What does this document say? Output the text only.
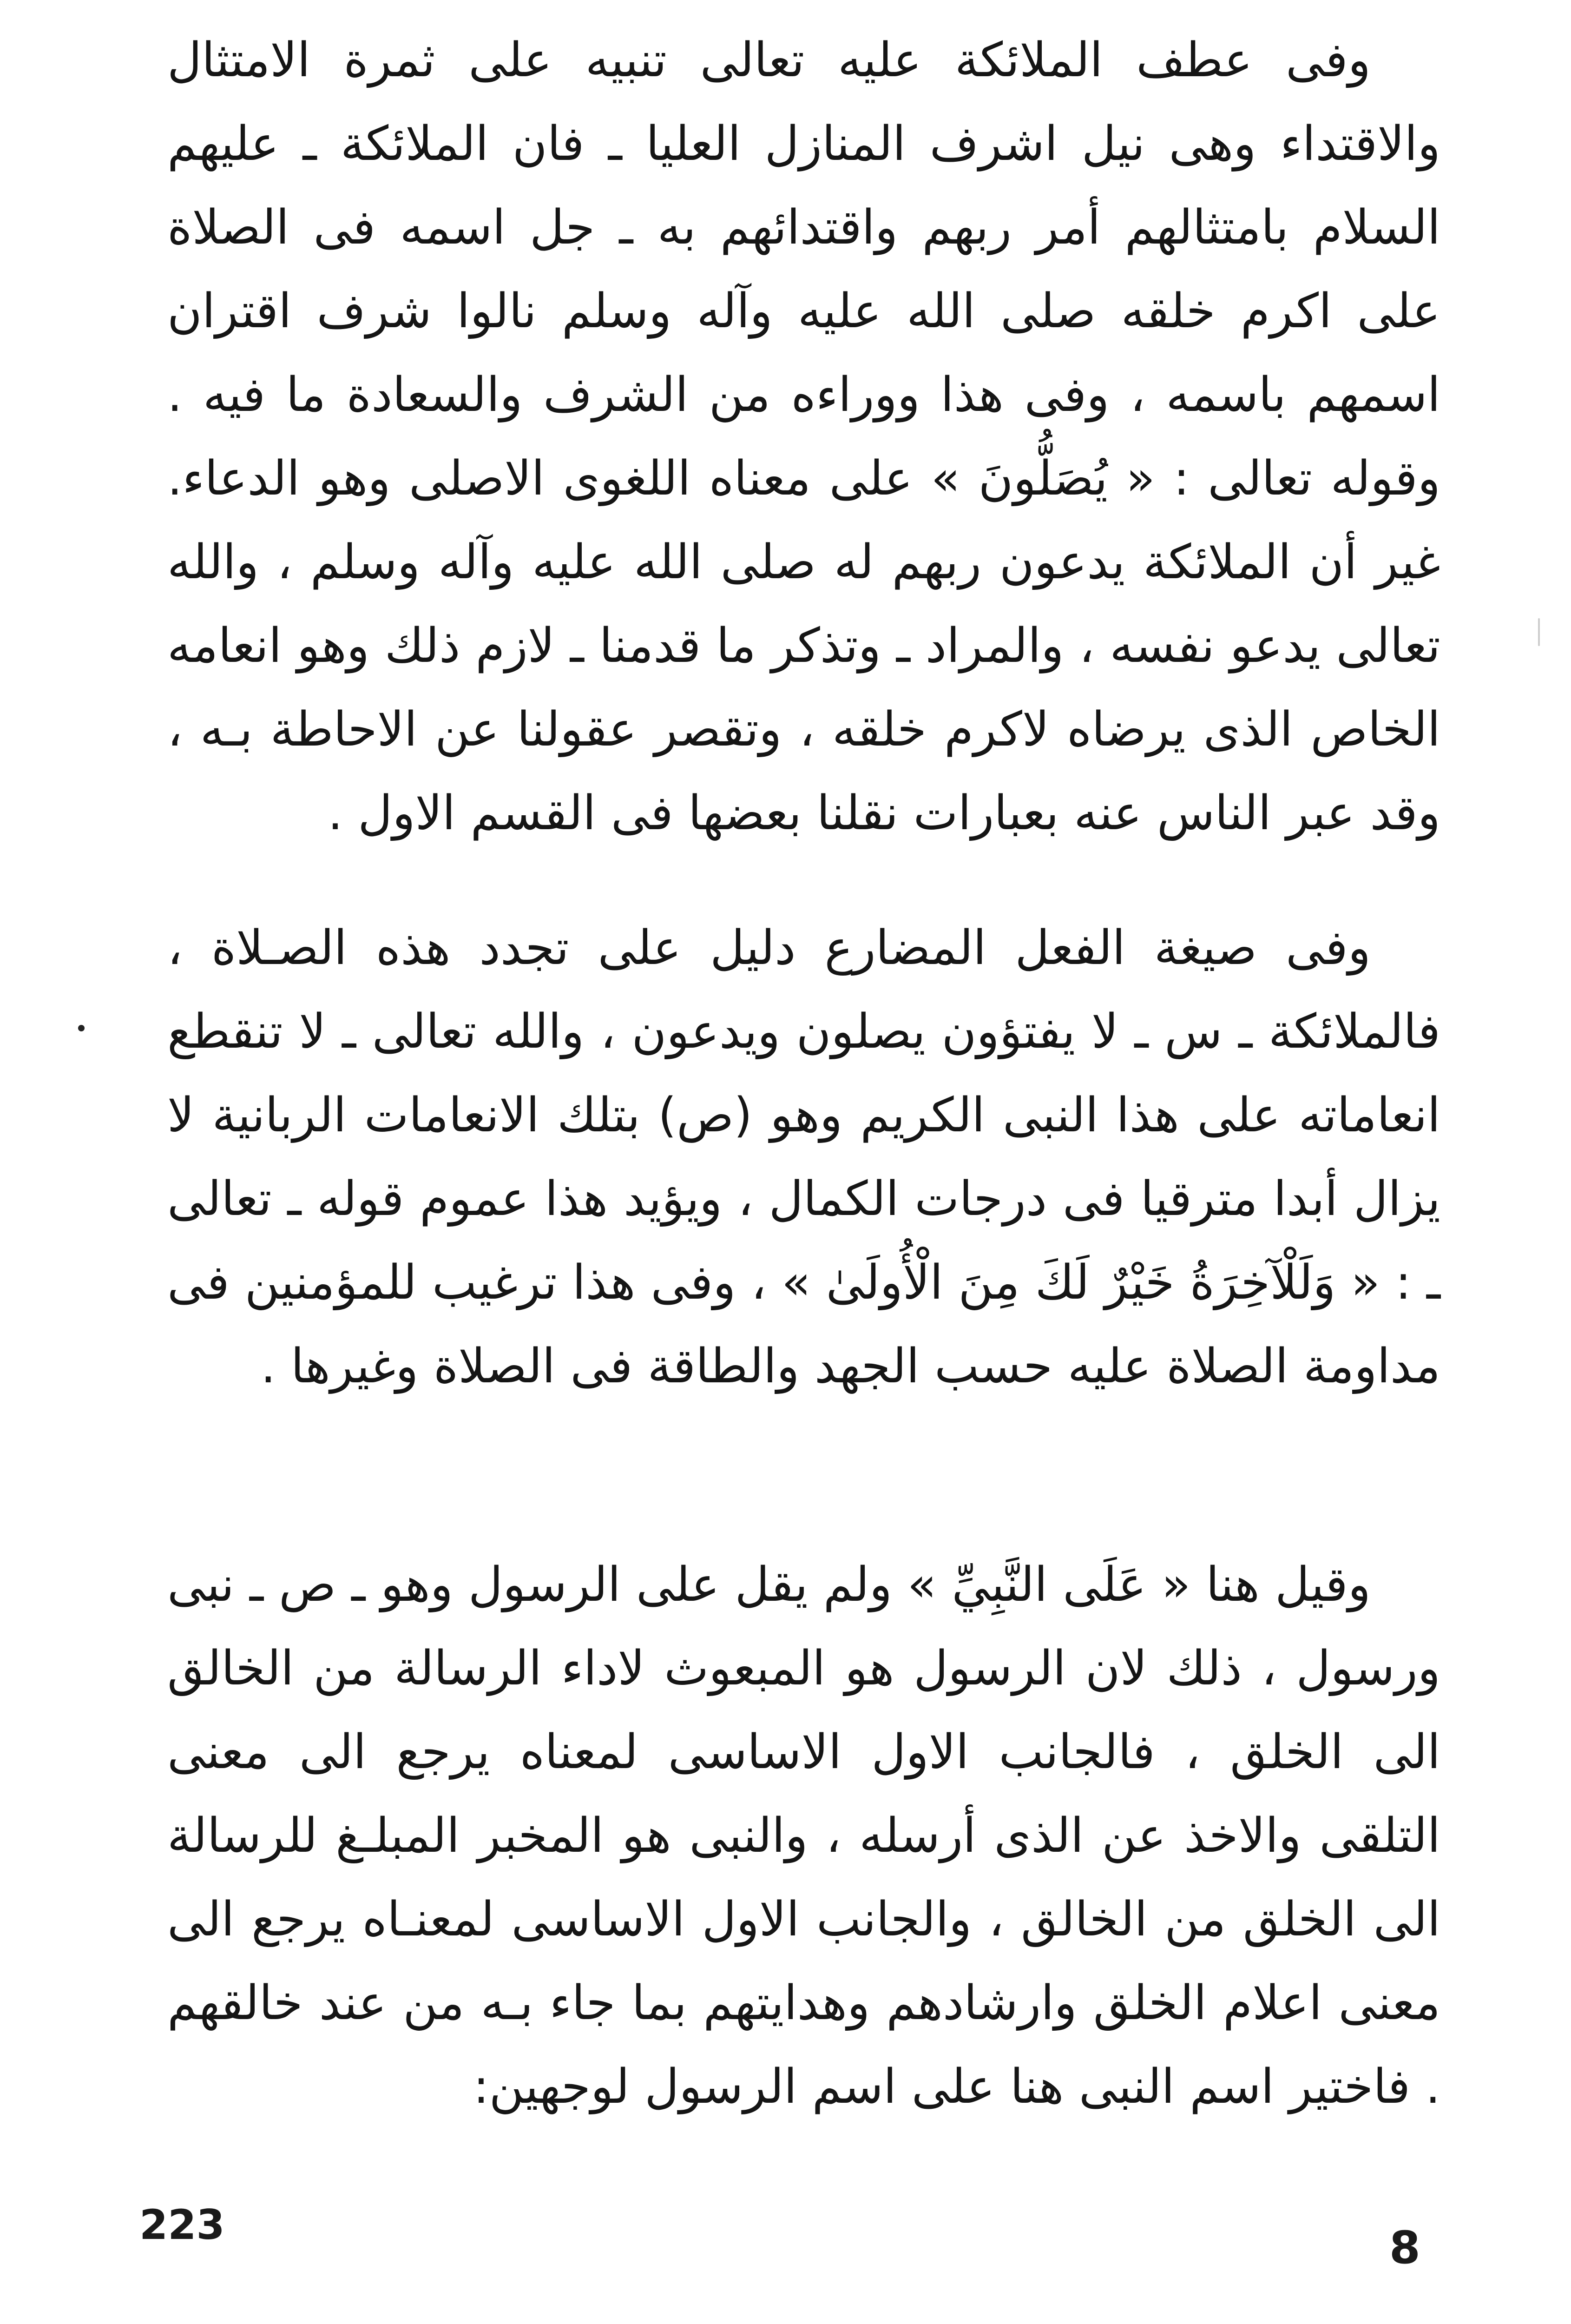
وفى عطف الملائكة عليه تعالى تنبيه على ثمرة الامتثال والاقتداء وهى نيل اشرف المنازل العليا ـ فان الملائكة ـ عليهم السلام بامتثالهم أمر ربهم واقتدائهم به ـ جل اسمه فى الصلاة على اكرم خلقه صلى الله عليه وآله وسلم نالوا شرف اقتران اسمهم باسمه ، وفى هذا ووراءه من الشرف والسعادة ما فيه . وقوله تعالى : « يُصَلُّونَ » على معناه اللغوى الاصلى وهو الدعاء. غير أن الملائكة يدعون ربهم له صلى الله عليه وآله وسلم ، والله تعالى يدعو نفسه ، والمراد ـ وتذكر ما قدمنا ـ لازم ذلك وهو انعامه الخاص الذى يرضاه لاكرم خلقه ، وتقصر عقولنا عن الاحاطة بـه ، وقد عبر الناس عنه بعبارات نقلنا بعضها فى القسم الاول .

وفى صيغة الفعل المضارع دليل على تجدد هذه الصـلاة ، فالملائكة ـ س ـ لا يفتؤون يصلون ويدعون ، والله تعالى ـ لا تنقطع انعاماته على هذا النبى الكريم وهو (ص) بتلك الانعامات الربانية لا يزال أبدا مترقيا فى درجات الكمال ، ويؤيد هذا عموم قوله ـ تعالى ـ : « وَلَلْآخِرَةُ خَيْرٌ لَكَ مِنَ الْأُولَىٰ » ، وفى هذا ترغيب للمؤمنين فى مداومة الصلاة عليه حسب الجهد والطاقة فى الصلاة وغيرها .

وقيل هنا « عَلَى النَّبِيِّ » ولم يقل على الرسول وهو ـ ص ـ نبى ورسول ، ذلك لان الرسول هو المبعوث لاداء الرسالة من الخالق الى الخلق ، فالجانب الاول الاساسى لمعناه يرجع الى معنى التلقى والاخذ عن الذى أرسله ، والنبى هو المخبر المبلـغ للرسالة الى الخلق من الخالق ، والجانب الاول الاساسى لمعنـاه يرجع الى معنى اعلام الخلق وارشادهم وهدايتهم بما جاء بـه من عند خالقهم . فاختير اسم النبى هنا على اسم الرسول لوجهين:

223	8
